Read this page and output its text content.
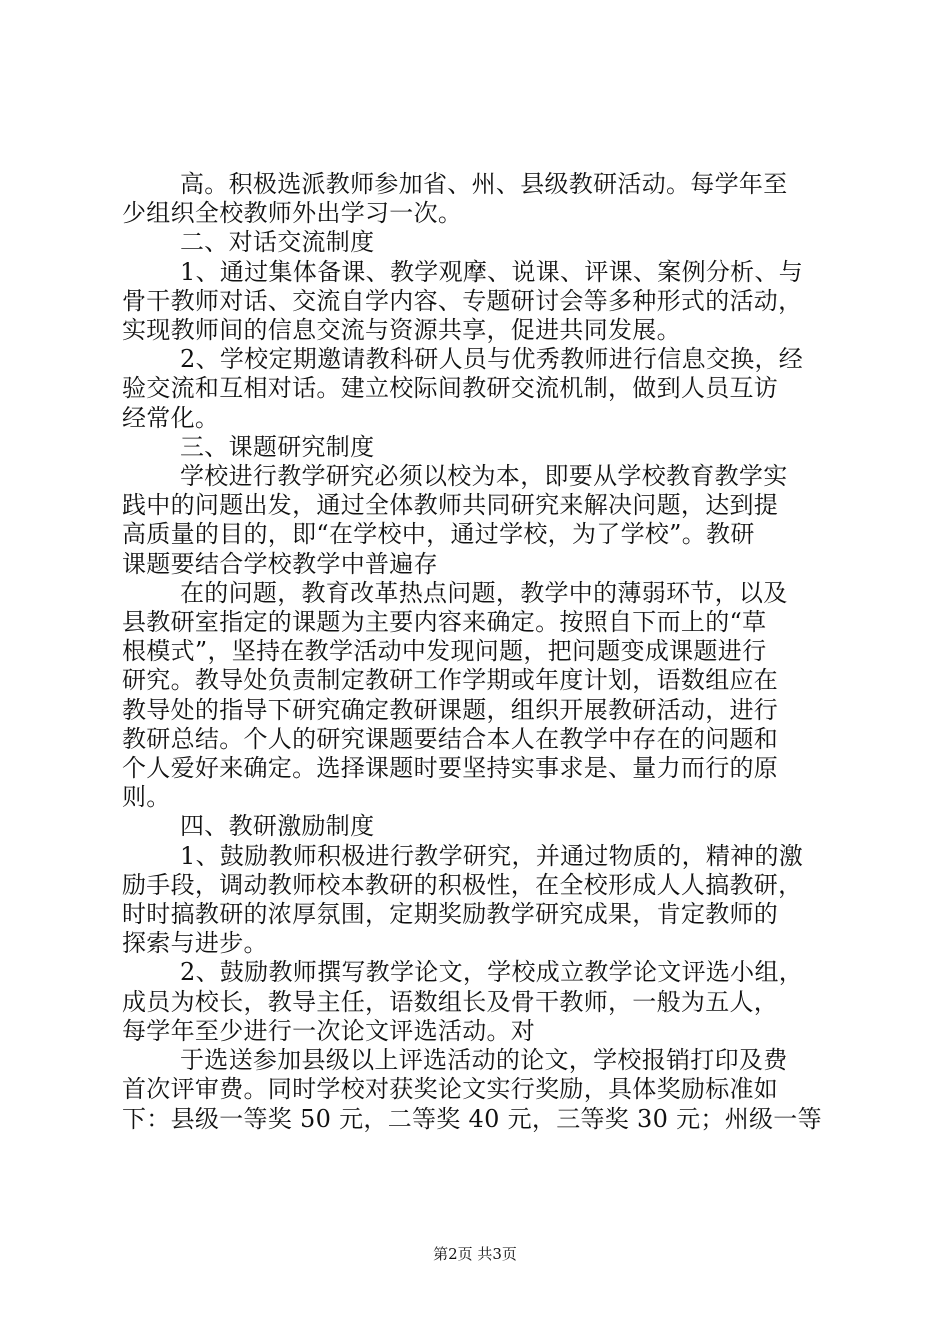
高。积极选派教师参加省、州、县级教研活动。每学年至
少组织全校教师外出学习一次。
二、对话交流制度
1、通过集体备课、教学观摩、说课、评课、案例分析、与
骨干教师对话、交流自学内容、专题研讨会等多种形式的活动，
实现教师间的信息交流与资源共享，促进共同发展。
2、学校定期邀请教科研人员与优秀教师进行信息交换，经
验交流和互相对话。建立校际间教研交流机制，做到人员互访
经常化。
三、课题研究制度
学校进行教学研究必须以校为本，即要从学校教育教学实
践中的问题出发，通过全体教师共同研究来解决问题，达到提
高质量的目的，即“在学校中，通过学校，为了学校”。教研
课题要结合学校教学中普遍存
在的问题，教育改革热点问题，教学中的薄弱环节，以及
县教研室指定的课题为主要内容来确定。按照自下而上的“草
根模式”，坚持在教学活动中发现问题，把问题变成课题进行
研究。教导处负责制定教研工作学期或年度计划，语数组应在
教导处的指导下研究确定教研课题，组织开展教研活动，进行
教研总结。个人的研究课题要结合本人在教学中存在的问题和
个人爱好来确定。选择课题时要坚持实事求是、量力而行的原
则。
四、教研激励制度
1、鼓励教师积极进行教学研究，并通过物质的，精神的激
励手段，调动教师校本教研的积极性，在全校形成人人搞教研，
时时搞教研的浓厚氛围，定期奖励教学研究成果，肯定教师的
探索与进步。
2、鼓励教师撰写教学论文，学校成立教学论文评选小组，
成员为校长，教导主任，语数组长及骨干教师，一般为五人，
每学年至少进行一次论文评选活动。对
于选送参加县级以上评选活动的论文，学校报销打印及费
首次评审费。同时学校对获奖论文实行奖励，具体奖励标准如
下：县级一等奖 50 元，二等奖 40 元，三等奖 30 元；州级一等
第2页 共3页
